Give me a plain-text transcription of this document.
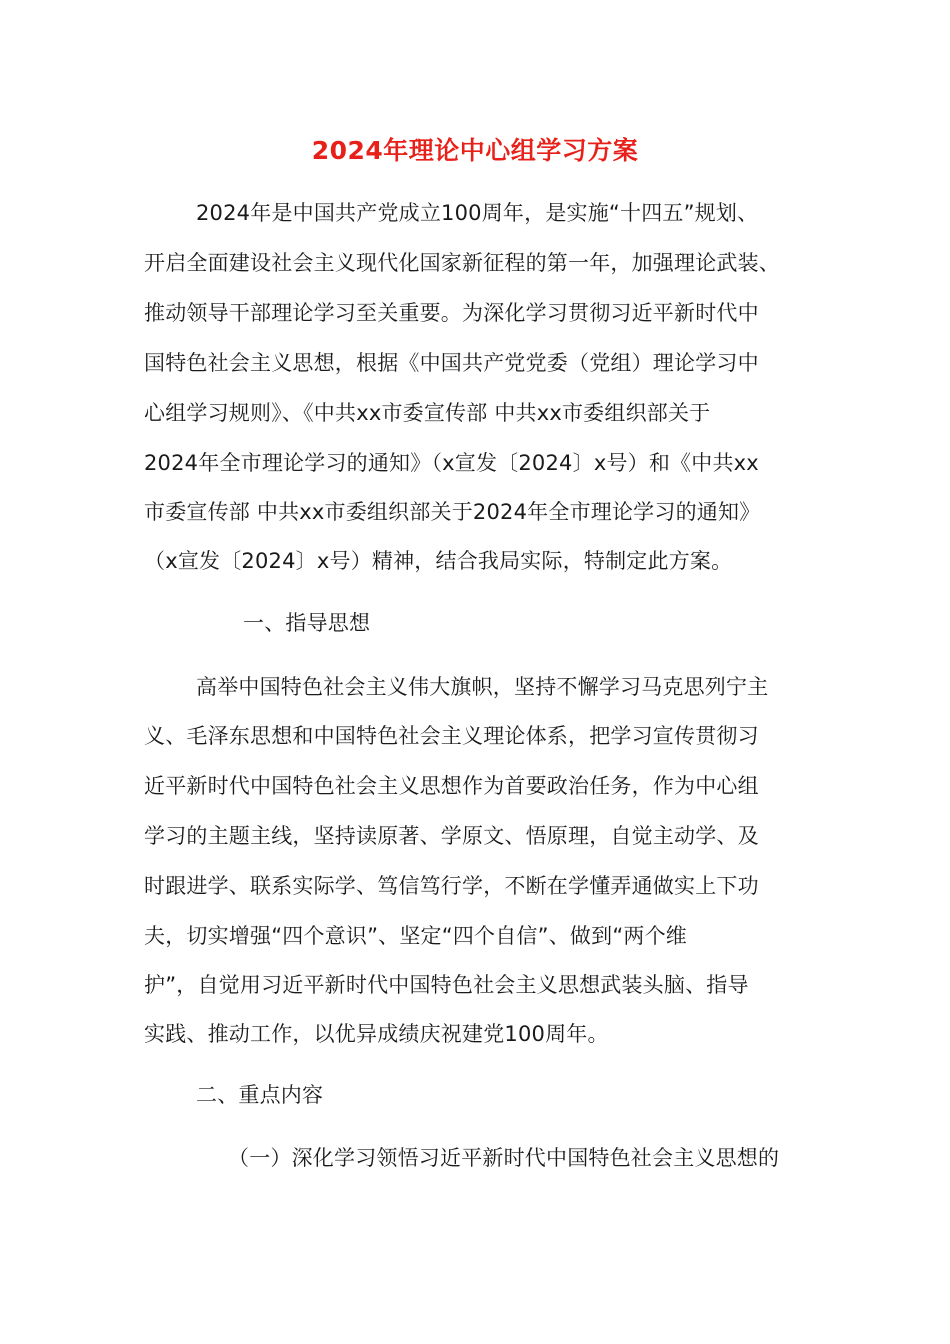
2024年理论中心组学习方案
2024年是中国共产党成立100周年，是实施“十四五”规划、
开启全面建设社会主义现代化国家新征程的第一年，加强理论武装、
推动领导干部理论学习至关重要。为深化学习贯彻习近平新时代中
国特色社会主义思想，根据《中国共产党党委（党组）理论学习中
心组学习规则》、《中共xx市委宣传部 中共xx市委组织部关于
2024年全市理论学习的通知》（x宣发〔2024〕x号）和《中共xx
市委宣传部 中共xx市委组织部关于2024年全市理论学习的通知》
（x宣发〔2024〕x号）精神，结合我局实际，特制定此方案。
一、指导思想
高举中国特色社会主义伟大旗帜，坚持不懈学习马克思列宁主
义、毛泽东思想和中国特色社会主义理论体系，把学习宣传贯彻习
近平新时代中国特色社会主义思想作为首要政治任务，作为中心组
学习的主题主线，坚持读原著、学原文、悟原理，自觉主动学、及
时跟进学、联系实际学、笃信笃行学，不断在学懂弄通做实上下功
夫，切实增强“四个意识”、坚定“四个自信”、做到“两个维
护”，自觉用习近平新时代中国特色社会主义思想武装头脑、指导
实践、推动工作，以优异成绩庆祝建党100周年。
二、重点内容
（一）深化学习领悟习近平新时代中国特色社会主义思想的
